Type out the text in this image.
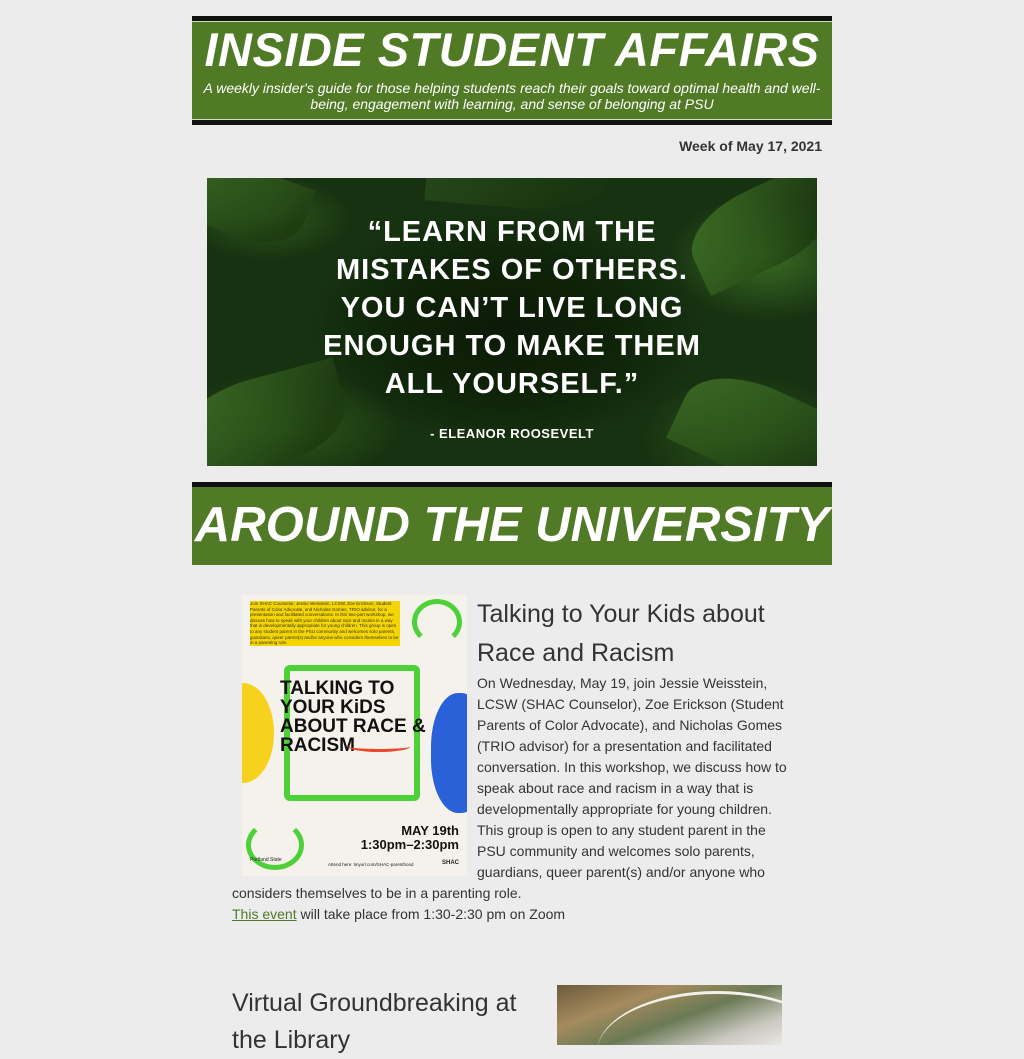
INSIDE STUDENT AFFAIRS
A weekly insider's guide for those helping students reach their goals toward optimal health and well-being, engagement with learning, and sense of belonging at PSU
Week of May 17, 2021
“LEARN FROM THE MISTAKES OF OTHERS. YOU CAN’T LIVE LONG ENOUGH TO MAKE THEM ALL YOURSELF.”
- ELEANOR ROOSEVELT
AROUND THE UNIVERSITY
Join SHAC Counselor, Jessie Weisstein, LCSW, Zoe Erickson, Student Parents of Color Advocate, and Nicholas Gomes, TRIO advisor, for a presentation and facilitated conversations. In this two-part workshop, we discuss how to speak with your children about race and racism in a way that is developmentally appropriate for young children. This group is open to any student parent in the PSU community and welcomes solo parents, guardians, queer parent(s) and/or anyone who considers themselves to be in a parenting role.
TALKING TO YOUR KiDS ABOUT RACE & RACISM
MAY 19th
1:30pm–2:30pm
Portland State
Attend here: tinyurl.com/SHAC-parenthood	SHAC
Talking to Your Kids about Race and Racism
On Wednesday, May 19, join Jessie Weisstein, LCSW (SHAC Counselor), Zoe Erickson (Student Parents of Color Advocate), and Nicholas Gomes (TRIO advisor) for a presentation and facilitated conversation. In this workshop, we discuss how to speak about race and racism in a way that is developmentally appropriate for young children. This group is open to any student parent in the PSU community and welcomes solo parents, guardians, queer parent(s) and/or anyone who considers themselves to be in a parenting role.
This event will take place from 1:30-2:30 pm on Zoom
Virtual Groundbreaking at the Library
